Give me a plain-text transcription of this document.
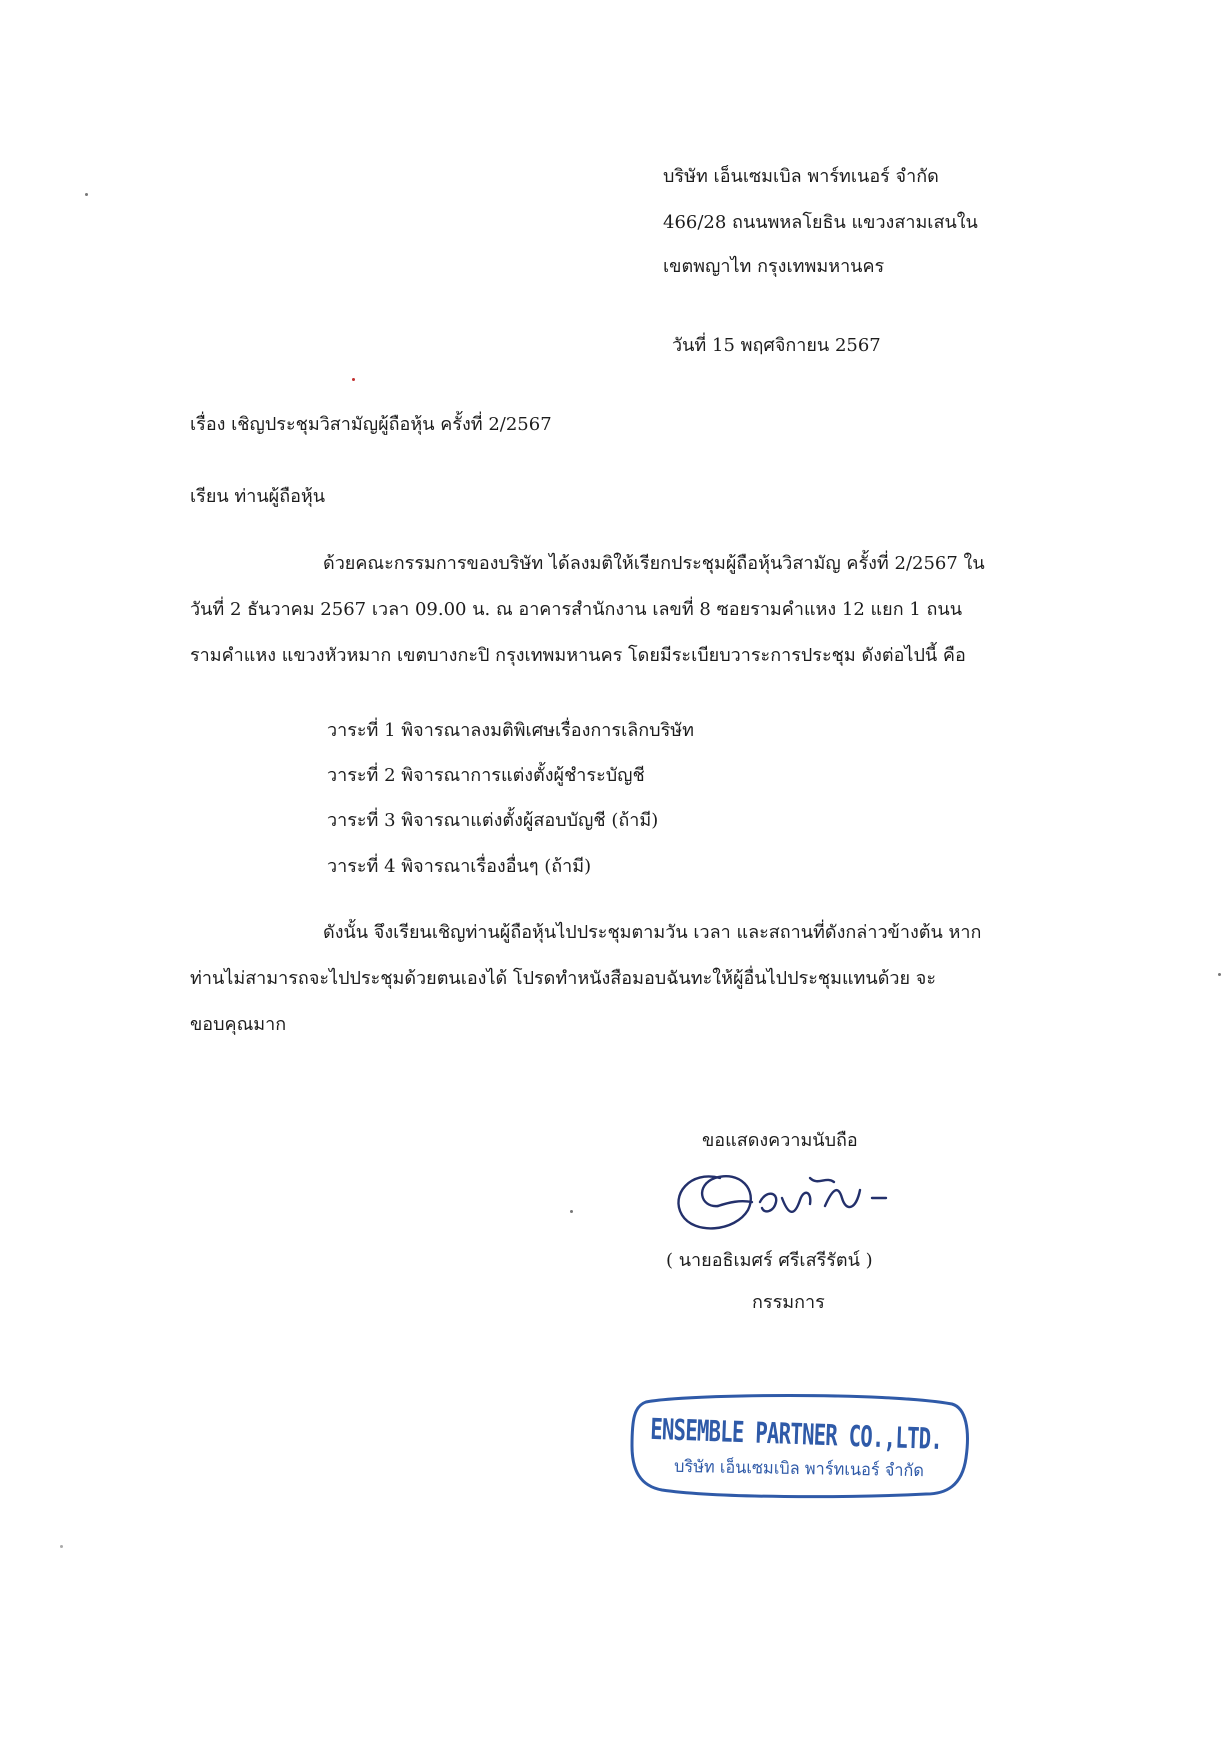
บริษัท เอ็นเซมเบิล พาร์ทเนอร์ จำกัด
466/28 ถนนพหลโยธิน แขวงสามเสนใน
เขตพญาไท กรุงเทพมหานคร
วันที่ 15 พฤศจิกายน 2567
เรื่อง เชิญประชุมวิสามัญผู้ถือหุ้น ครั้งที่ 2/2567
เรียน ท่านผู้ถือหุ้น
ด้วยคณะกรรมการของบริษัท ได้ลงมติให้เรียกประชุมผู้ถือหุ้นวิสามัญ ครั้งที่ 2/2567 ใน
วันที่ 2 ธันวาคม 2567 เวลา 09.00 น. ณ อาคารสำนักงาน เลขที่ 8 ซอยรามคำแหง 12 แยก 1 ถนน
รามคำแหง แขวงหัวหมาก เขตบางกะปิ กรุงเทพมหานคร โดยมีระเบียบวาระการประชุม ดังต่อไปนี้ คือ
วาระที่ 1 พิจารณาลงมติพิเศษเรื่องการเลิกบริษัท
วาระที่ 2 พิจารณาการแต่งตั้งผู้ชำระบัญชี
วาระที่ 3 พิจารณาแต่งตั้งผู้สอบบัญชี (ถ้ามี)
วาระที่ 4 พิจารณาเรื่องอื่นๆ (ถ้ามี)
ดังนั้น จึงเรียนเชิญท่านผู้ถือหุ้นไปประชุมตามวัน เวลา และสถานที่ดังกล่าวข้างต้น หาก
ท่านไม่สามารถจะไปประชุมด้วยตนเองได้ โปรดทำหนังสือมอบฉันทะให้ผู้อื่นไปประชุมแทนด้วย จะ
ขอบคุณมาก
ขอแสดงความนับถือ
( นายอธิเมศร์ ศรีเสรีรัตน์ )
กรรมการ
ENSEMBLE PARTNER CO.,LTD.
บริษัท เอ็นเซมเบิล พาร์ทเนอร์ จำกัด
